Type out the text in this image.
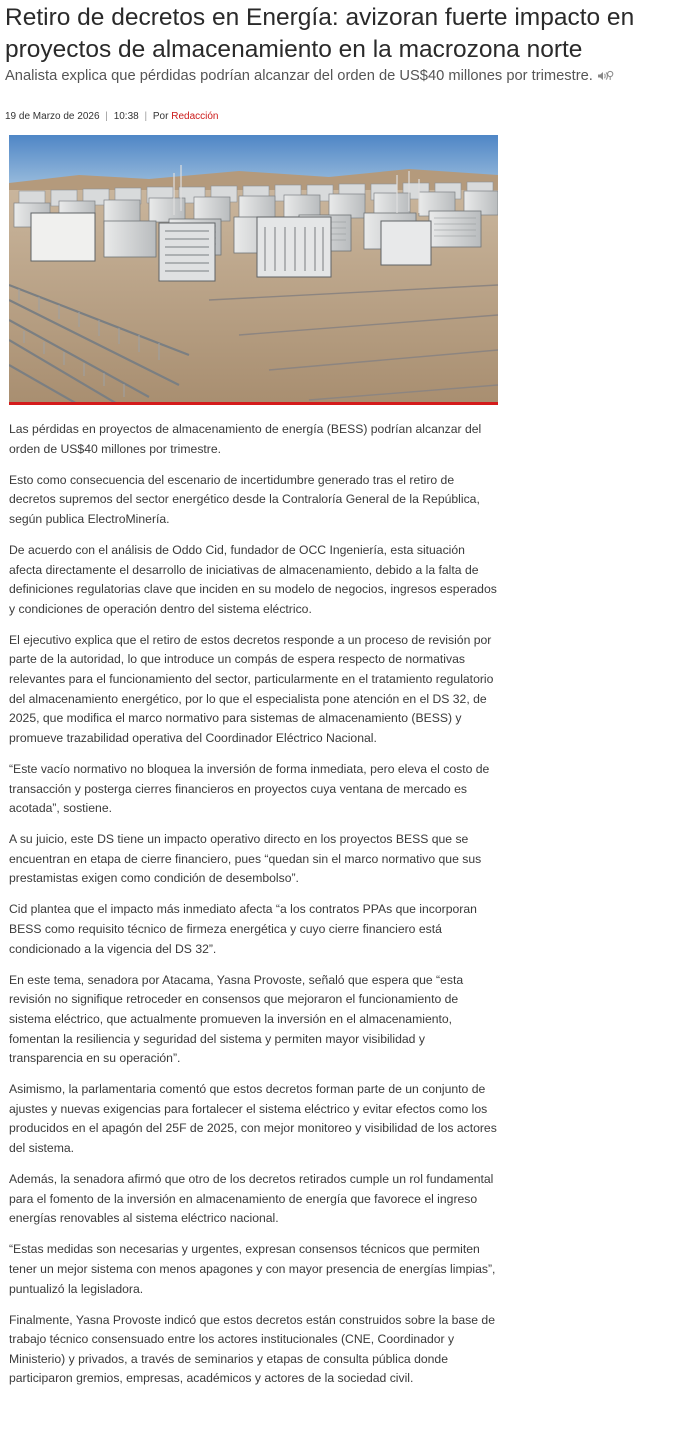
Retiro de decretos en Energía: avizoran fuerte impacto en proyectos de almacenamiento en la macrozona norte

Analista explica que pérdidas podrían alcanzar del orden de US$40 millones por trimestre.

19 de Marzo de 2026 | 10:38 | Por Redacción

Las pérdidas en proyectos de almacenamiento de energía (BESS) podrían alcanzar del orden de US$40 millones por trimestre.

Esto como consecuencia del escenario de incertidumbre generado tras el retiro de decretos supremos del sector energético desde la Contraloría General de la República, según publica ElectroMinería.

De acuerdo con el análisis de Oddo Cid, fundador de OCC Ingeniería, esta situación afecta directamente el desarrollo de iniciativas de almacenamiento, debido a la falta de definiciones regulatorias clave que inciden en su modelo de negocios, ingresos esperados y condiciones de operación dentro del sistema eléctrico.

El ejecutivo explica que el retiro de estos decretos responde a un proceso de revisión por parte de la autoridad, lo que introduce un compás de espera respecto de normativas relevantes para el funcionamiento del sector, particularmente en el tratamiento regulatorio del almacenamiento energético, por lo que el especialista pone atención en el DS 32, de 2025, que modifica el marco normativo para sistemas de almacenamiento (BESS) y promueve trazabilidad operativa del Coordinador Eléctrico Nacional.

“Este vacío normativo no bloquea la inversión de forma inmediata, pero eleva el costo de transacción y posterga cierres financieros en proyectos cuya ventana de mercado es acotada”, sostiene.

A su juicio, este DS tiene un impacto operativo directo en los proyectos BESS que se encuentran en etapa de cierre financiero, pues “quedan sin el marco normativo que sus prestamistas exigen como condición de desembolso”.

Cid plantea que el impacto más inmediato afecta “a los contratos PPAs que incorporan BESS como requisito técnico de firmeza energética y cuyo cierre financiero está condicionado a la vigencia del DS 32”.

En este tema, senadora por Atacama, Yasna Provoste, señaló que espera que “esta revisión no signifique retroceder en consensos que mejoraron el funcionamiento de sistema eléctrico, que actualmente promueven la inversión en el almacenamiento, fomentan la resiliencia y seguridad del sistema y permiten mayor visibilidad y transparencia en su operación”.

Asimismo, la parlamentaria comentó que estos decretos forman parte de un conjunto de ajustes y nuevas exigencias para fortalecer el sistema eléctrico y evitar efectos como los producidos en el apagón del 25F de 2025, con mejor monitoreo y visibilidad de los actores del sistema.

Además, la senadora afirmó que otro de los decretos retirados cumple un rol fundamental para el fomento de la inversión en almacenamiento de energía que favorece el ingreso energías renovables al sistema eléctrico nacional.

“Estas medidas son necesarias y urgentes, expresan consensos técnicos que permiten tener un mejor sistema con menos apagones y con mayor presencia de energías limpias”, puntualizó la legisladora.

Finalmente, Yasna Provoste indicó que estos decretos están construidos sobre la base de trabajo técnico consensuado entre los actores institucionales (CNE, Coordinador y Ministerio) y privados, a través de seminarios y etapas de consulta pública donde participaron gremios, empresas, académicos y actores de la sociedad civil.
